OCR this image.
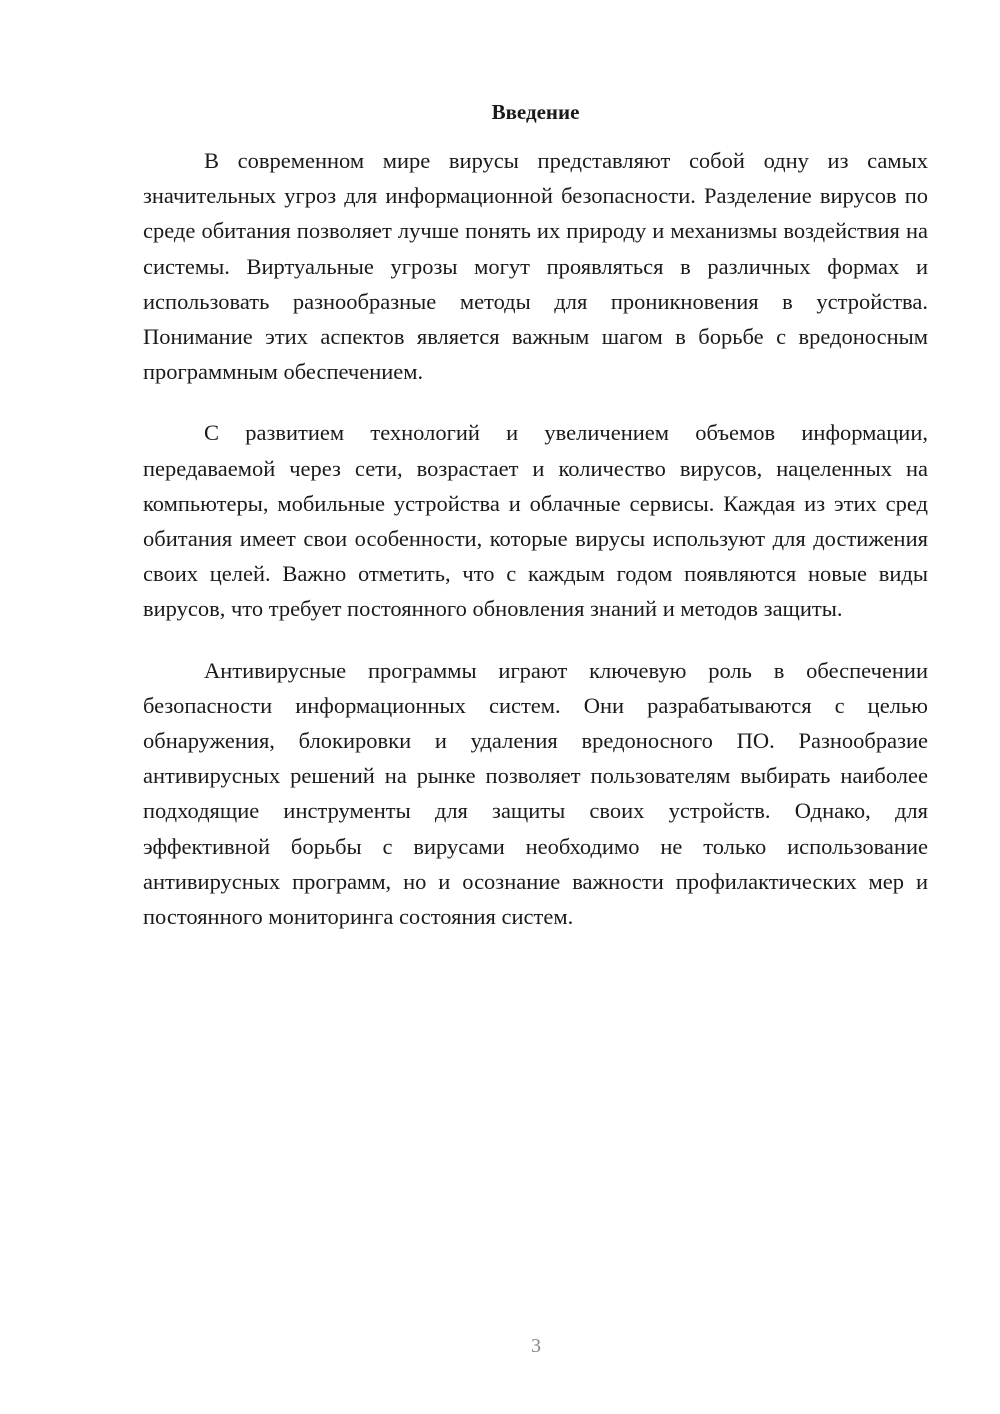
Введение

В современном мире вирусы представляют собой одну из самых значительных угроз для информационной безопасности. Разделение вирусов по среде обитания позволяет лучше понять их природу и механизмы воздействия на системы. Виртуальные угрозы могут проявляться в различных формах и использовать разнообразные методы для проникновения в устройства. Понимание этих аспектов является важным шагом в борьбе с вредоносным программным обеспечением.

С развитием технологий и увеличением объемов информации, передаваемой через сети, возрастает и количество вирусов, нацеленных на компьютеры, мобильные устройства и облачные сервисы. Каждая из этих сред обитания имеет свои особенности, которые вирусы используют для достижения своих целей. Важно отметить, что с каждым годом появляются новые виды вирусов, что требует постоянного обновления знаний и методов защиты.

Антивирусные программы играют ключевую роль в обеспечении безопасности информационных систем. Они разрабатываются с целью обнаружения, блокировки и удаления вредоносного ПО. Разнообразие антивирусных решений на рынке позволяет пользователям выбирать наиболее подходящие инструменты для защиты своих устройств. Однако, для эффективной борьбы с вирусами необходимо не только использование антивирусных программ, но и осознание важности профилактических мер и постоянного мониторинга состояния систем.

3
